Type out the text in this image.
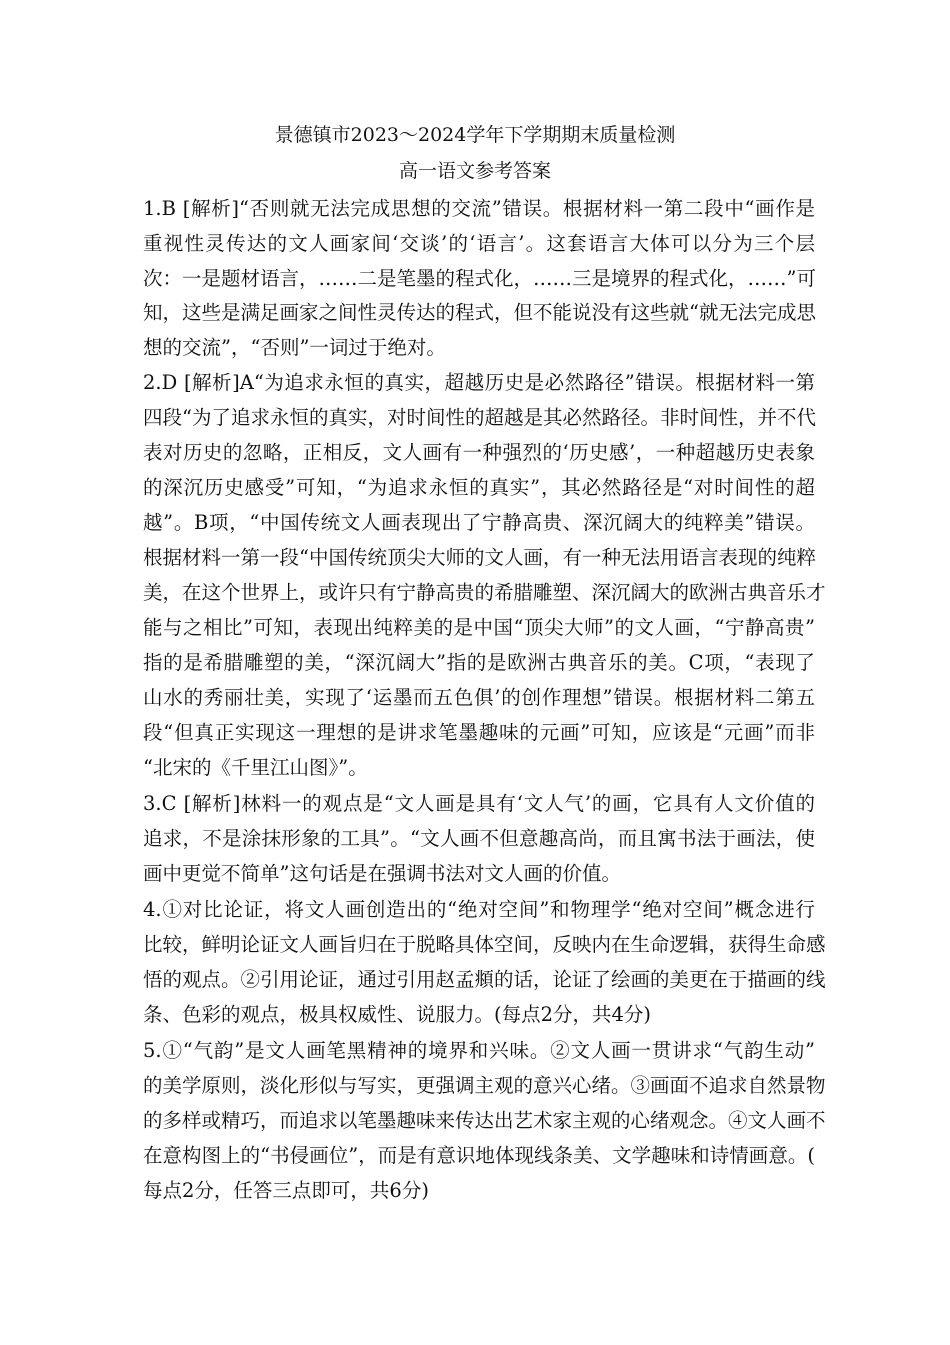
景德镇市2023～2024学年下学期期末质量检测
高一语文参考答案
1.B [解析]“否则就无法完成思想的交流”错误。根据材料一第二段中“画作是
重视性灵传达的文人画家间‘交谈’的‘语言’。这套语言大体可以分为三个层
次：一是题材语言，……二是笔墨的程式化，……三是境界的程式化，……”可
知，这些是满足画家之间性灵传达的程式，但不能说没有这些就“就无法完成思
想的交流”，“否则”一词过于绝对。
2.D [解析]A“为追求永恒的真实，超越历史是必然路径”错误。根据材料一第
四段“为了追求永恒的真实，对时间性的超越是其必然路径。非时间性，并不代
表对历史的忽略，正相反，文人画有一种强烈的‘历史感’，一种超越历史表象
的深沉历史感受”可知，“为追求永恒的真实”，其必然路径是“对时间性的超
越”。B项，“中国传统文人画表现出了宁静高贵、深沉阔大的纯粹美”错误。
根据材料一第一段“中国传统顶尖大师的文人画，有一种无法用语言表现的纯粹
美，在这个世界上，或许只有宁静高贵的希腊雕塑、深沉阔大的欧洲古典音乐才
能与之相比”可知，表现出纯粹美的是中国“顶尖大师”的文人画，“宁静高贵”
指的是希腊雕塑的美，“深沉阔大”指的是欧洲古典音乐的美。C项，“表现了
山水的秀丽壮美，实现了‘运墨而五色俱’的创作理想”错误。根据材料二第五
段“但真正实现这一理想的是讲求笔墨趣味的元画”可知，应该是“元画”而非
“北宋的《千里江山图》”。
3.C [解析]林料一的观点是“文人画是具有‘文人气’的画，它具有人文价值的
追求，不是涂抹形象的工具”。“文人画不但意趣高尚，而且寓书法于画法，使
画中更觉不简单”这句话是在强调书法对文人画的价值。
4.①对比论证，将文人画创造出的“绝对空间”和物理学“绝对空间”概念进行
比较，鲜明论证文人画旨归在于脱略具体空间，反映内在生命逻辑，获得生命感
悟的观点。②引用论证，通过引用赵孟頫的话，论证了绘画的美更在于描画的线
条、色彩的观点，极具权威性、说服力。(每点2分，共4分)
5.①“气韵”是文人画笔黑精神的境界和兴味。②文人画一贯讲求“气韵生动”
的美学原则，淡化形似与写实，更强调主观的意兴心绪。③画面不追求自然景物
的多样或精巧，而追求以笔墨趣味来传达出艺术家主观的心绪观念。④文人画不
在意构图上的“书侵画位”，而是有意识地体现线条美、文学趣味和诗情画意。(
每点2分，任答三点即可，共6分)
